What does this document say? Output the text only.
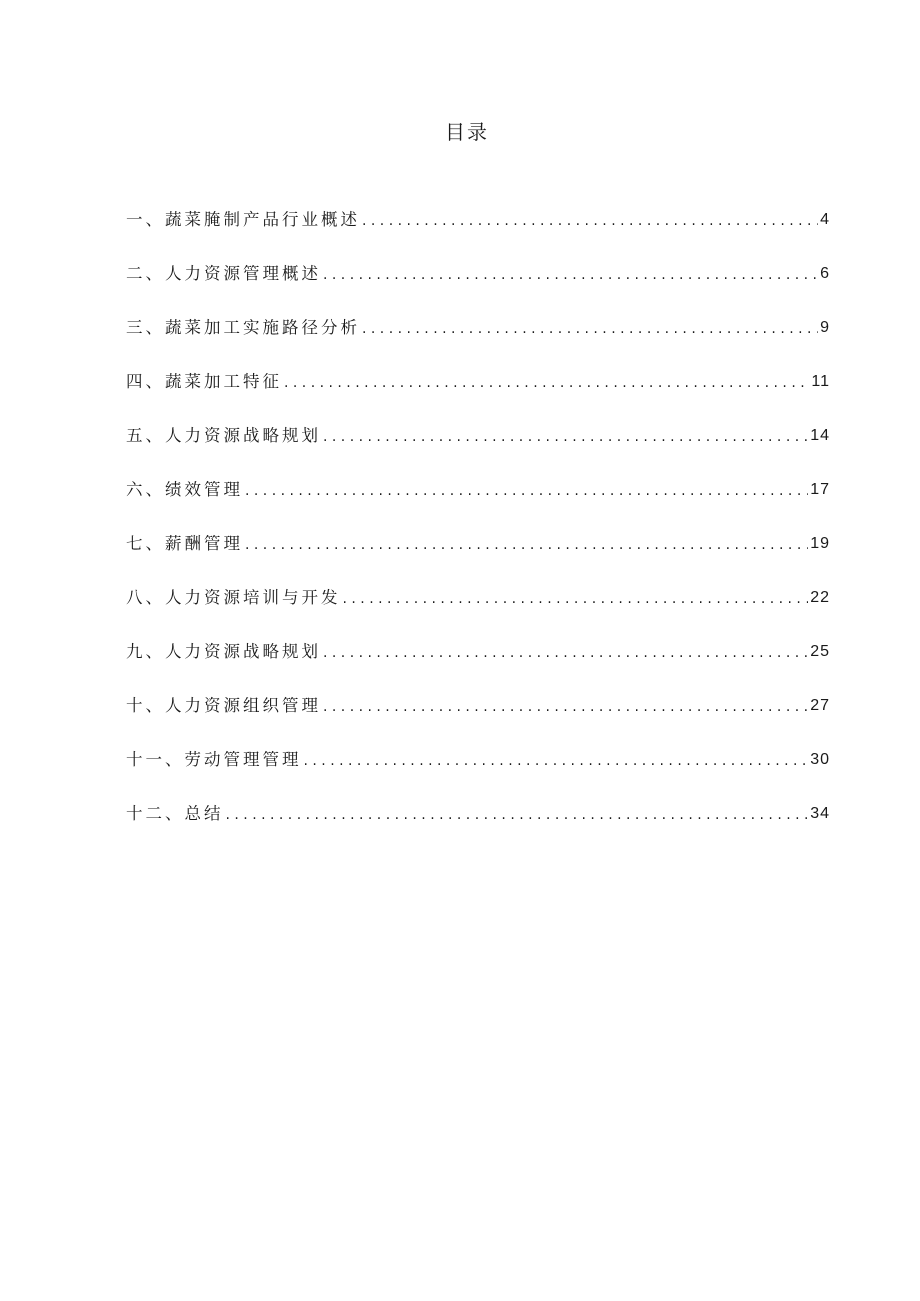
目录
一、蔬菜腌制产品行业概述 . . .	4
二、人力资源管理概述 . . .	6
三、蔬菜加工实施路径分析 . . .	9
四、蔬菜加工特征 . . .	11
五、人力资源战略规划 . . .	14
六、绩效管理 . . .	17
七、薪酬管理 . . .	19
八、人力资源培训与开发 . . .	22
九、人力资源战略规划 . . .	25
十、人力资源组织管理 . . .	27
十一、劳动管理管理 . . .	30
十二、总结 . . .	34
